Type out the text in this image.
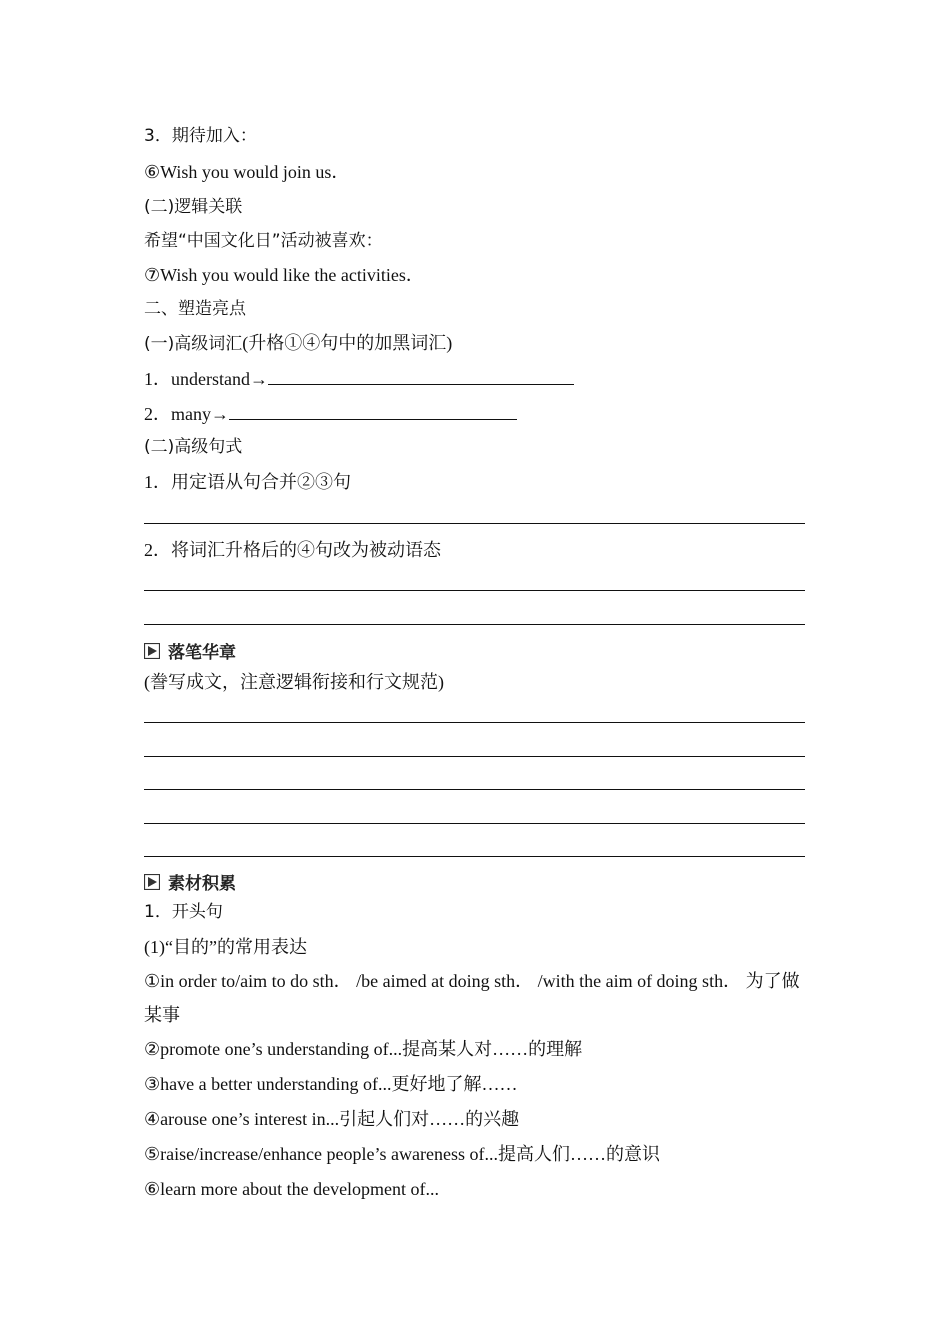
3．期待加入：
⑥Wish you would join us．
(二)逻辑关联
希望“中国文化日”活动被喜欢：
⑦Wish you would like the activities．
二、塑造亮点
(一)高级词汇(升格①④句中的加黑词汇)
1．understand→
2．many→
(二)高级句式
1．用定语从句合并②③句
2．将词汇升格后的④句改为被动语态
落笔华章
(誊写成文，注意逻辑衔接和行文规范)
素材积累
1．开头句
(1)“目的”的常用表达
①in order to/aim to do sth． /be aimed at doing sth． /with the aim of doing sth． 为了做某事
②promote one’s understanding of...提高某人对……的理解
③have a better understanding of...更好地了解……
④arouse one’s interest in...引起人们对……的兴趣
⑤raise/increase/enhance people’s awareness of...提高人们……的意识
⑥learn more about the development of...
